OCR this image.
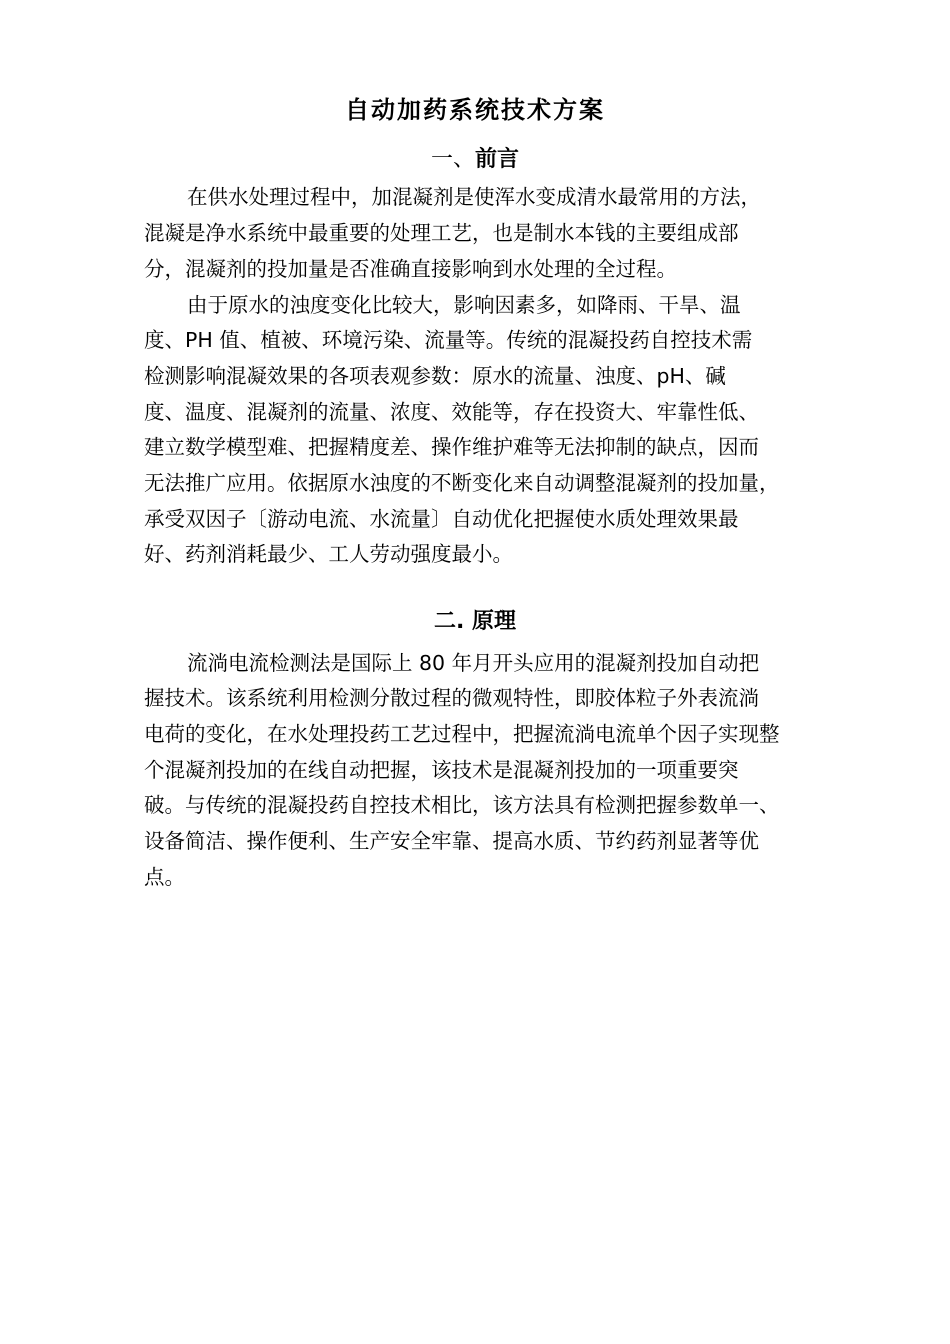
自动加药系统技术方案
一、前言
在供水处理过程中，加混凝剂是使浑水变成清水最常用的方法，
混凝是净水系统中最重要的处理工艺，也是制水本钱的主要组成部
分，混凝剂的投加量是否准确直接影响到水处理的全过程。
由于原水的浊度变化比较大，影响因素多，如降雨、干旱、温
度、PH 值、植被、环境污染、流量等。传统的混凝投药自控技术需
检测影响混凝效果的各项表观参数：原水的流量、浊度、pH、碱
度、温度、混凝剂的流量、浓度、效能等，存在投资大、牢靠性低、
建立数学模型难、把握精度差、操作维护难等无法抑制的缺点，因而
无法推广应用。依据原水浊度的不断变化来自动调整混凝剂的投加量，
承受双因子〔游动电流、水流量〕自动优化把握使水质处理效果最
好、药剂消耗最少、工人劳动强度最小。
二. 原理
流淌电流检测法是国际上 80 年月开头应用的混凝剂投加自动把
握技术。该系统利用检测分散过程的微观特性，即胶体粒子外表流淌
电荷的变化，在水处理投药工艺过程中，把握流淌电流单个因子实现整
个混凝剂投加的在线自动把握，该技术是混凝剂投加的一项重要突
破。与传统的混凝投药自控技术相比，该方法具有检测把握参数单一、
设备简洁、操作便利、生产安全牢靠、提高水质、节约药剂显著等优
点。
